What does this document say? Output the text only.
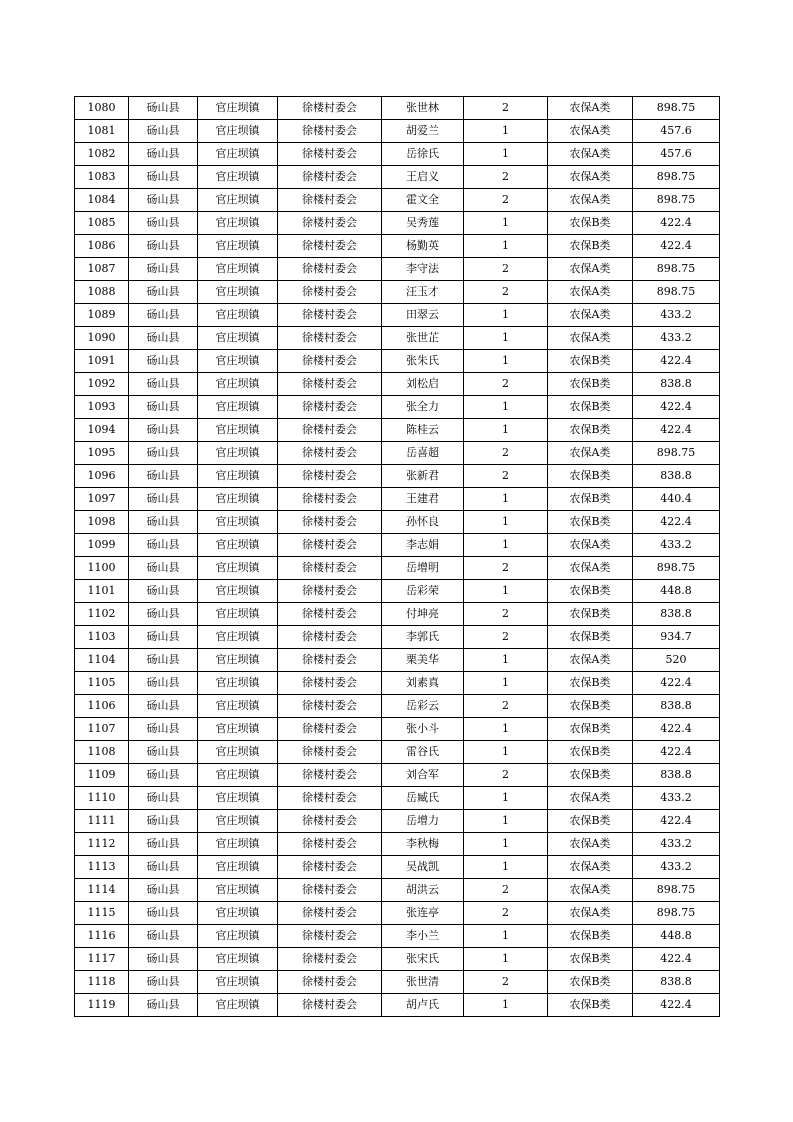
1080	砀山县	官庄坝镇	徐楼村委会	张世林	2	农保A类	898.75
1081	砀山县	官庄坝镇	徐楼村委会	胡爱兰	1	农保A类	457.6
1082	砀山县	官庄坝镇	徐楼村委会	岳徐氏	1	农保A类	457.6
1083	砀山县	官庄坝镇	徐楼村委会	王启义	2	农保A类	898.75
1084	砀山县	官庄坝镇	徐楼村委会	霍文全	2	农保A类	898.75
1085	砀山县	官庄坝镇	徐楼村委会	吴秀莲	1	农保B类	422.4
1086	砀山县	官庄坝镇	徐楼村委会	杨勤英	1	农保B类	422.4
1087	砀山县	官庄坝镇	徐楼村委会	李守法	2	农保A类	898.75
1088	砀山县	官庄坝镇	徐楼村委会	汪玉才	2	农保A类	898.75
1089	砀山县	官庄坝镇	徐楼村委会	田翠云	1	农保A类	433.2
1090	砀山县	官庄坝镇	徐楼村委会	张世芷	1	农保A类	433.2
1091	砀山县	官庄坝镇	徐楼村委会	张朱氏	1	农保B类	422.4
1092	砀山县	官庄坝镇	徐楼村委会	刘松启	2	农保B类	838.8
1093	砀山县	官庄坝镇	徐楼村委会	张全力	1	农保B类	422.4
1094	砀山县	官庄坝镇	徐楼村委会	陈桂云	1	农保B类	422.4
1095	砀山县	官庄坝镇	徐楼村委会	岳喜超	2	农保A类	898.75
1096	砀山县	官庄坝镇	徐楼村委会	张新君	2	农保B类	838.8
1097	砀山县	官庄坝镇	徐楼村委会	王建君	1	农保B类	440.4
1098	砀山县	官庄坝镇	徐楼村委会	孙怀良	1	农保B类	422.4
1099	砀山县	官庄坝镇	徐楼村委会	李志娟	1	农保A类	433.2
1100	砀山县	官庄坝镇	徐楼村委会	岳增明	2	农保A类	898.75
1101	砀山县	官庄坝镇	徐楼村委会	岳彩荣	1	农保B类	448.8
1102	砀山县	官庄坝镇	徐楼村委会	付坤亮	2	农保B类	838.8
1103	砀山县	官庄坝镇	徐楼村委会	李郭氏	2	农保B类	934.7
1104	砀山县	官庄坝镇	徐楼村委会	栗美华	1	农保A类	520
1105	砀山县	官庄坝镇	徐楼村委会	刘素真	1	农保B类	422.4
1106	砀山县	官庄坝镇	徐楼村委会	岳彩云	2	农保B类	838.8
1107	砀山县	官庄坝镇	徐楼村委会	张小斗	1	农保B类	422.4
1108	砀山县	官庄坝镇	徐楼村委会	雷谷氏	1	农保B类	422.4
1109	砀山县	官庄坝镇	徐楼村委会	刘合军	2	农保B类	838.8
1110	砀山县	官庄坝镇	徐楼村委会	岳臧氏	1	农保A类	433.2
1111	砀山县	官庄坝镇	徐楼村委会	岳增力	1	农保B类	422.4
1112	砀山县	官庄坝镇	徐楼村委会	李秋梅	1	农保A类	433.2
1113	砀山县	官庄坝镇	徐楼村委会	吴战凯	1	农保A类	433.2
1114	砀山县	官庄坝镇	徐楼村委会	胡洪云	2	农保A类	898.75
1115	砀山县	官庄坝镇	徐楼村委会	张连亭	2	农保A类	898.75
1116	砀山县	官庄坝镇	徐楼村委会	李小兰	1	农保B类	448.8
1117	砀山县	官庄坝镇	徐楼村委会	张宋氏	1	农保B类	422.4
1118	砀山县	官庄坝镇	徐楼村委会	张世清	2	农保B类	838.8
1119	砀山县	官庄坝镇	徐楼村委会	胡卢氏	1	农保B类	422.4
